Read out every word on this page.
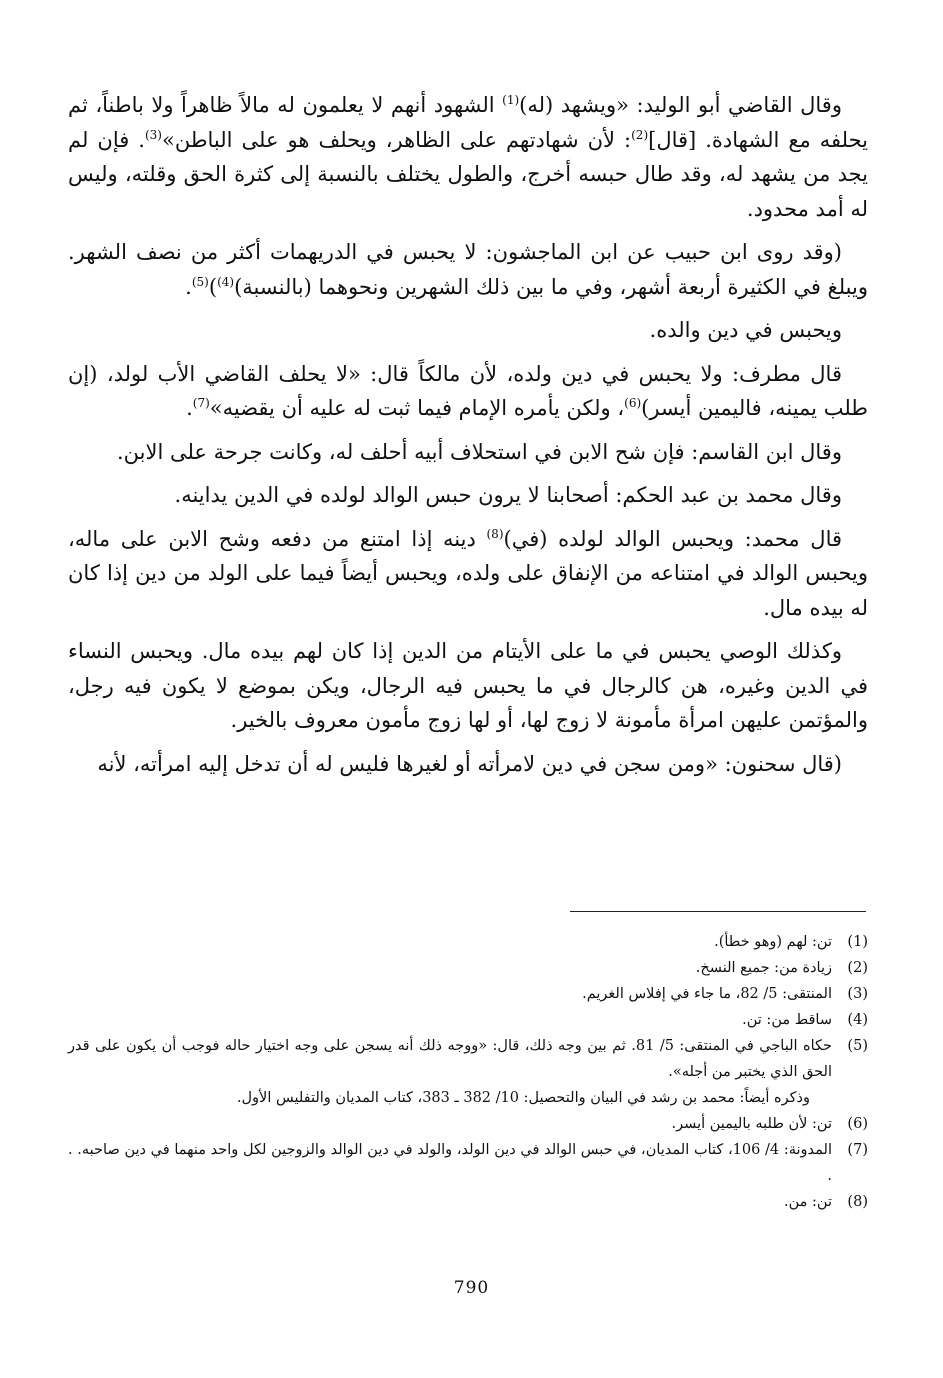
وقال القاضي أبو الوليد: «ويشهد (له)$^{(1)}$ الشهود أنهم لا يعلمون له مالاً ظاهراً ولا باطناً، ثم يحلفه مع الشهادة. [قال]$^{(2)}$: لأن شهادتهم على الظاهر، ويحلف هو على الباطن»$^{(3)}$. فإن لم يجد من يشهد له، وقد طال حبسه أخرج، والطول يختلف بالنسبة إلى كثرة الحق وقلته، وليس له أمد محدود.
(وقد روى ابن حبيب عن ابن الماجشون: لا يحبس في الدريهمات أكثر من نصف الشهر. ويبلغ في الكثيرة أربعة أشهر، وفي ما بين ذلك الشهرين ونحوهما (بالنسبة)$^{(4)}$)$^{(5)}$.
ويحبس في دين والده.
قال مطرف: ولا يحبس في دين ولده، لأن مالكاً قال: «لا يحلف القاضي الأب لولد، (إن طلب يمينه، فاليمين أيسر)$^{(6)}$، ولكن يأمره الإمام فيما ثبت له عليه أن يقضيه»$^{(7)}$.
وقال ابن القاسم: فإن شح الابن في استحلاف أبيه أحلف له، وكانت جرحة على الابن.
وقال محمد بن عبد الحكم: أصحابنا لا يرون حبس الوالد لولده في الدين يداينه.
قال محمد: ويحبس الوالد لولده (في)$^{(8)}$ دينه إذا امتنع من دفعه وشح الابن على ماله، ويحبس الوالد في امتناعه من الإنفاق على ولده، ويحبس أيضاً فيما على الولد من دين إذا كان له بيده مال.
وكذلك الوصي يحبس في ما على الأيتام من الدين إذا كان لهم بيده مال. ويحبس النساء في الدين وغيره، هن كالرجال في ما يحبس فيه الرجال، ويكن بموضع لا يكون فيه رجل، والمؤتمن عليهن امرأة مأمونة لا زوج لها، أو لها زوج مأمون معروف بالخير.
(قال سحنون: «ومن سجن في دين لامرأته أو لغيرها فليس له أن تدخل إليه امرأته، لأنه
(1)
تن: لهم (وهو خطأ).
(2)
زيادة من: جميع النسخ.
(3)
المنتقى: 5/ 82، ما جاء في إفلاس الغريم.
(4)
ساقط من: تن.
(5)
حكاه الباجي في المنتقى: 5/ 81. ثم بين وجه ذلك، قال: «ووجه ذلك أنه يسجن على وجه اختيار حاله فوجب أن يكون على قدر الحق الذي يختبر من أجله».
وذكره أيضاً: محمد بن رشد في البيان والتحصيل: 10/ 382 ـ 383، كتاب المديان والتفليس الأول.
(6)
تن: لأن طلبه باليمين أيسر.
(7)
المدونة: 4/ 106، كتاب المديان، في حبس الوالد في دين الولد، والولد في دين الوالد والزوجين لكل واحد منهما في دين صاحبه. . .
(8)
تن: من.
790
